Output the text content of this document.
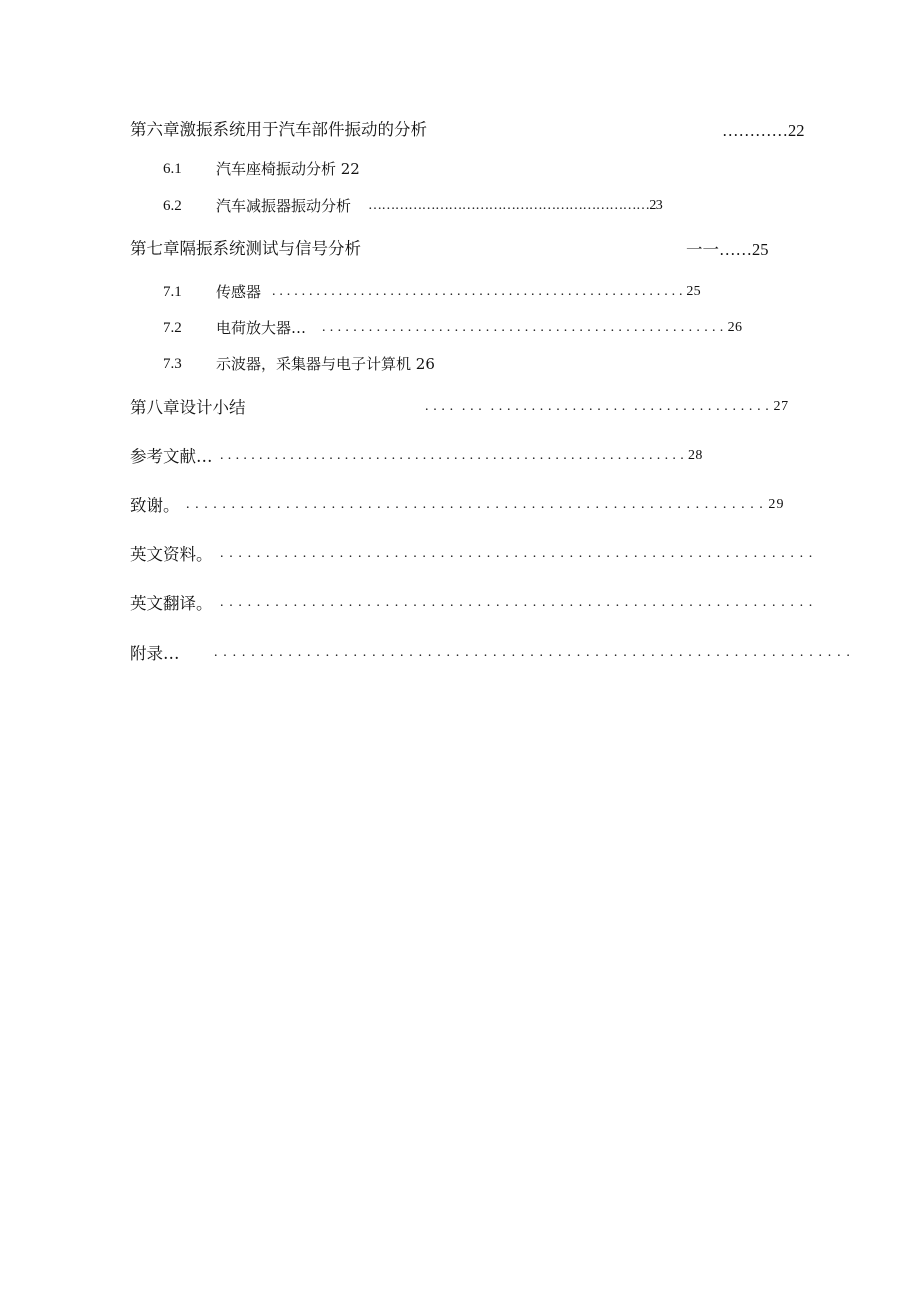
第六章激振系统用于汽车部件振动的分析	…………22
6.1 汽车座椅振动分析 22
6.2 汽车减振器振动分析 ………………………………………………………23
第七章隔振系统测试与信号分析	一一……25
7.1 传感器 . . . . . . . . . . . . . . . . . . . . . . . . . . . . . . . . . . . . . . . . . . . . . . . . . . . . . . . . 25
7.2 电荷放大器… . . . . . . . . . . . . . . . . . . . . . . . . . . . . . . . . . . . . . . . . . . . . . . . . . . . . 26
7.3 示波器，采集器与电子计算机 26
第八章设计小结	. . . .  . . .  . . . . . . . . . . . . . . . . .  . . . . . . . . . . . . . . . . . 27
参考文献… . . . . . . . . . . . . . . . . . . . . . . . . . . . . . . . . . . . . . . . . . . . . . . . . . . . . . . . . . . . . 28
致谢。 . . . . . . . . . . . . . . . . . . . . . . . . . . . . . . . . . . . . . . . . . . . . . . . . . . . . . . . . . . . . . . . . 29
英文资料。 . . . . . . . . . . . . . . . . . . . . . . . . . . . . . . . . . . . . . . . . . . . . . . . . . . . . . . . . . . . . . . . . .
英文翻译。 . . . . . . . . . . . . . . . . . . . . . . . . . . . . . . . . . . . . . . . . . . . . . . . . . . . . . . . . . . . . . . . . .
附录… . . . . . . . . . . . . . . . . . . . . . . . . . . . . . . . . . . . . . . . . . . . . . . . . . . . . . . . . . . . . . . . . . . . . .
